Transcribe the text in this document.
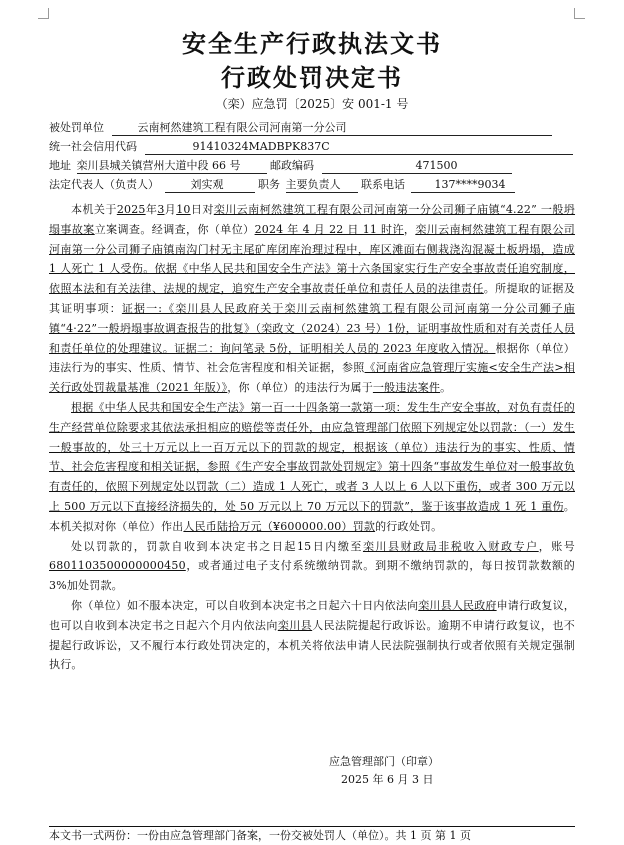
安全生产行政执法文书
行政处罚决定书
（栾）应急罚〔2025〕安 001-1 号
被处罚单位	云南柯然建筑工程有限公司河南第一分公司
统一社会信用代码	91410324MADBPK837C
地址 栾川县城关镇营州大道中段 66 号	邮政编码	471500
法定代表人（负责人）	刘实观	职务 主要负责人 联系电话	137****9034

本机关于2025年3月10日对栾川云南柯然建筑工程有限公司河南第一分公司狮子庙镇“4.22” 一般坍塌事故案立案调查。经调查，你（单位）2024 年 4 月 22 日 11 时许，栾川云南柯然建筑工程有限公司河南第一分公司狮子庙镇南沟门村无主尾矿库闭库治理过程中，库区滩面右侧栽浇沟混凝土板坍塌，造成 1 人死亡 1 人受伤。依据《中华人民共和国安全生产法》第十六条国家实行生产安全事故责任追究制度，依照本法和有关法律、法规的规定，追究生产安全事故责任单位和责任人员的法律责任。所提取的证据及其证明事项：证据一:《栾川县人民政府关于栾川云南柯然建筑工程有限公司河南第一分公司狮子庙镇“4·22”一般坍塌事故调查报告的批复》（栾政文（2024）23 号）1份，证明事故性质和对有关责任人员和责任单位的处理建议。证据二：询问笔录 5份，证明相关人员的 2023 年度收入情况。根据你（单位）违法行为的事实、性质、情节、社会危害程度和相关证据，参照《河南省应急管理厅实施<安全生产法>相关行政处罚裁量基准（2021 年版）》，你（单位）的违法行为属于一般违法案件。

根据《中华人民共和国安全生产法》第一百一十四条第一款第一项：发生生产安全事故，对负有责任的生产经营单位除要求其依法承担相应的赔偿等责任外，由应急管理部门依照下列规定处以罚款：（一）发生一般事故的，处三十万元以上一百万元以下的罚款的规定，根据该（单位）违法行为的事实、性质、情节、社会危害程度和相关证据，参照《生产安全事故罚款处罚规定》第十四条“事故发生单位对一般事故负有责任的，依照下列规定处以罚款（二）造成 1 人死亡，或者 3 人以上 6 人以下重伤，或者 300 万元以上 500 万元以下直接经济损失的，处 50 万元以上 70 万元以下的罚款”，鉴于该事故造成 1 死 1 重伤。本机关拟对你（单位）作出人民币陆拾万元（¥600000.00）罚款的行政处罚。

处以罚款的，罚款自收到本决定书之日起15日内缴至栾川县财政局非税收入财政专户，账号6801103500000000450，或者通过电子支付系统缴纳罚款。到期不缴纳罚款的，每日按罚款数额的 3%加处罚款。

你（单位）如不服本决定，可以自收到本决定书之日起六十日内依法向栾川县人民政府申请行政复议，也可以自收到本决定书之日起六个月内依法向栾川县人民法院提起行政诉讼。逾期不申请行政复议，也不提起行政诉讼，又不履行本行政处罚决定的，本机关将依法申请人民法院强制执行或者依照有关规定强制执行。

应急管理部门（印章）
2025 年 6 月 3 日
本文书一式两份：一份由应急管理部门备案，一份交被处罚人（单位）。共 1 页 第 1 页
